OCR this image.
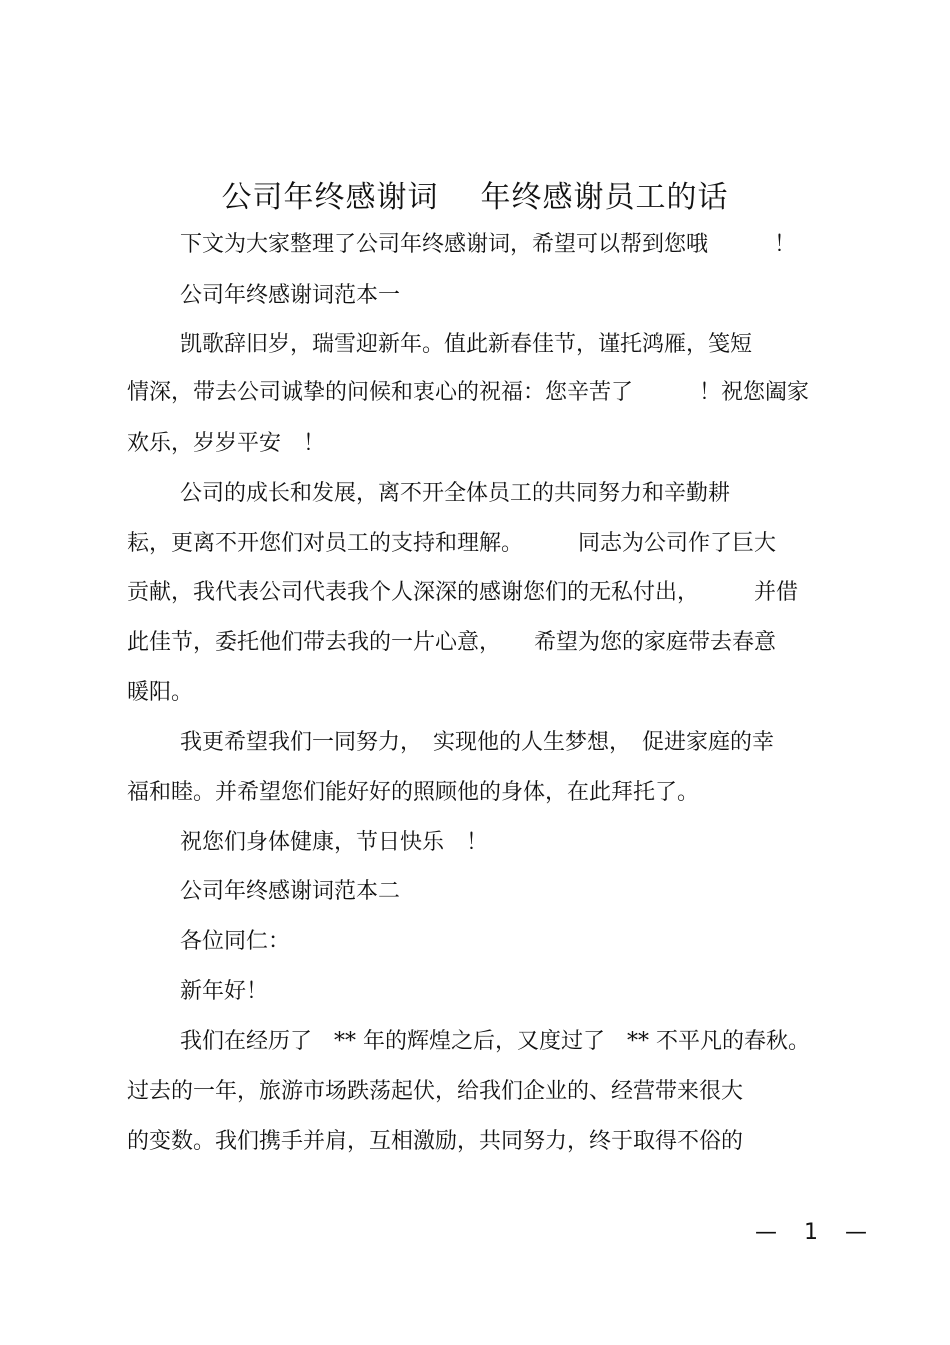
公司年终感谢词 年终感谢员工的话
下文为大家整理了公司年终感谢词，希望可以帮到您哦　　　！
公司年终感谢词范本一
凯歌辞旧岁，瑞雪迎新年。值此新春佳节，谨托鸿雁，笺短
情深，带去公司诚挚的问候和衷心的祝福：您辛苦了　　　！祝您阖家
欢乐，岁岁平安　！
公司的成长和发展，离不开全体员工的共同努力和辛勤耕
耘，更离不开您们对员工的支持和理解。　　　同志为公司作了巨大
贡献，我代表公司代表我个人深深的感谢您们的无私付出，　　　并借
此佳节，委托他们带去我的一片心意，　　希望为您的家庭带去春意
暖阳。
我更希望我们一同努力，　实现他的人生梦想，　促进家庭的幸
福和睦。并希望您们能好好的照顾他的身体，在此拜托了。
祝您们身体健康，节日快乐　！
公司年终感谢词范本二
各位同仁：
新年好！
我们在经历了　** 年的辉煌之后，又度过了　** 不平凡的春秋。
过去的一年，旅游市场跌荡起伏，给我们企业的、经营带来很大
的变数。我们携手并肩，互相激励，共同努力，终于取得不俗的
— 1 —
